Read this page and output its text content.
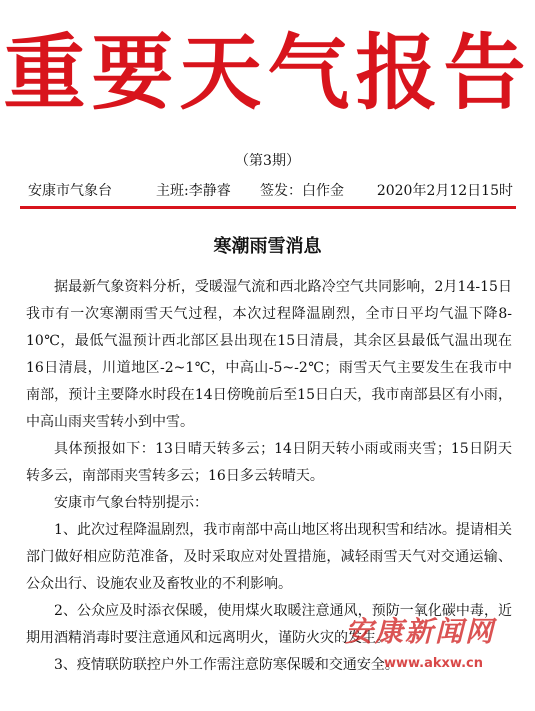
重要天气报告
（第3期）
安康市气象台	主班:李静睿 签发：白作金 2020年2月12日15时
寒潮雨雪消息

据最新气象资料分析，受暖湿气流和西北路冷空气共同影响，2月14-15日我市有一次寒潮雨雪天气过程，本次过程降温剧烈，全市日平均气温下降8-10℃，最低气温预计西北部区县出现在15日清晨，其余区县最低气温出现在16日清晨，川道地区-2~1℃，中高山-5~-2℃；雨雪天气主要发生在我市中南部，预计主要降水时段在14日傍晚前后至15日白天，我市南部县区有小雨，中高山雨夹雪转小到中雪。

具体预报如下：13日晴天转多云；14日阴天转小雨或雨夹雪；15日阴天转多云，南部雨夹雪转多云；16日多云转晴天。

安康市气象台特别提示：

1、此次过程降温剧烈，我市南部中高山地区将出现积雪和结冰。提请相关部门做好相应防范准备，及时采取应对处置措施，减轻雨雪天气对交通运输、公众出行、设施农业及畜牧业的不利影响。

2、公众应及时添衣保暖，使用煤火取暖注意通风，预防一氧化碳中毒，近期用酒精消毒时要注意通风和远离明火，谨防火灾的发生。

3、疫情联防联控户外工作需注意防寒保暖和交通安全。

安康新闻网
www.akxw.cn
